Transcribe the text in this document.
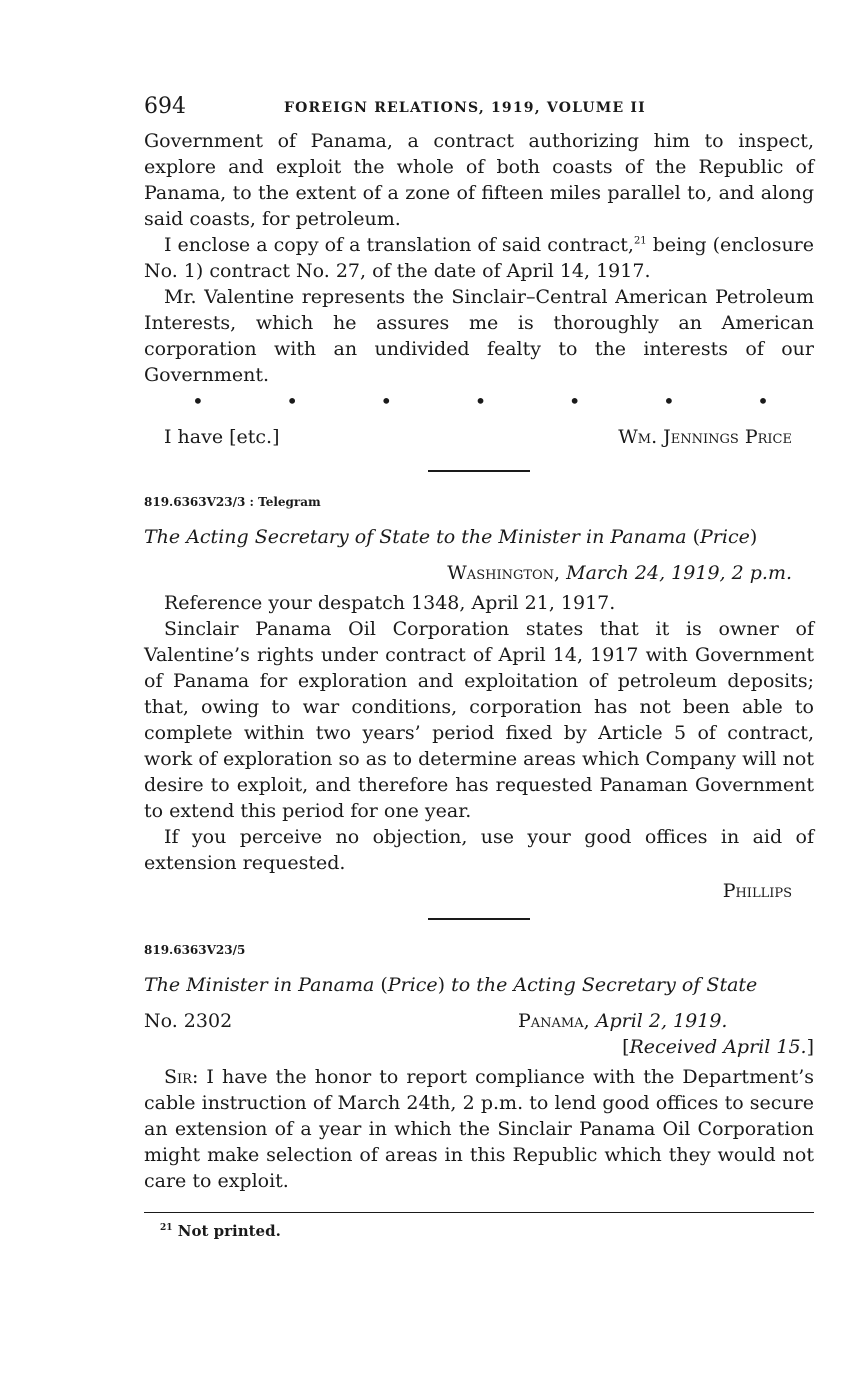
694	FOREIGN RELATIONS, 1919, VOLUME II

Government of Panama, a contract authorizing him to inspect, explore and exploit the whole of both coasts of the Republic of Panama, to the extent of a zone of fifteen miles parallel to, and along said coasts, for petroleum.

I enclose a copy of a translation of said contract,$^{21}$ being (enclosure No. 1) contract No. 27, of the date of April 14, 1917.

Mr. Valentine represents the Sinclair–Central American Petroleum Interests, which he assures me is thoroughly an American corporation with an undivided fealty to the interests of our Government.

•	•	•	•	•	•	•
I have [etc.]	Wm. Jennings Price
819.6363V23/3 : Telegram
The Acting Secretary of State to the Minister in Panama (Price)
Washington, March 24, 1919, 2 p.m.

Reference your despatch 1348, April 21, 1917.

Sinclair Panama Oil Corporation states that it is owner of Valentine’s rights under contract of April 14, 1917 with Government of Panama for exploration and exploitation of petroleum deposits; that, owing to war conditions, corporation has not been able to complete within two years’ period fixed by Article 5 of contract, work of exploration so as to determine areas which Company will not desire to exploit, and therefore has requested Panaman Government to extend this period for one year.

If you perceive no objection, use your good offices in aid of extension requested.

Phillips
819.6363V23/5
The Minister in Panama (Price) to the Acting Secretary of State
No. 2302	Panama, April 2, 1919.
[Received April 15.]

Sir: I have the honor to report compliance with the Department’s cable instruction of March 24th, 2 p.m. to lend good offices to secure an extension of a year in which the Sinclair Panama Oil Corporation might make selection of areas in this Republic which they would not care to exploit.

$^{21}$ Not printed.
